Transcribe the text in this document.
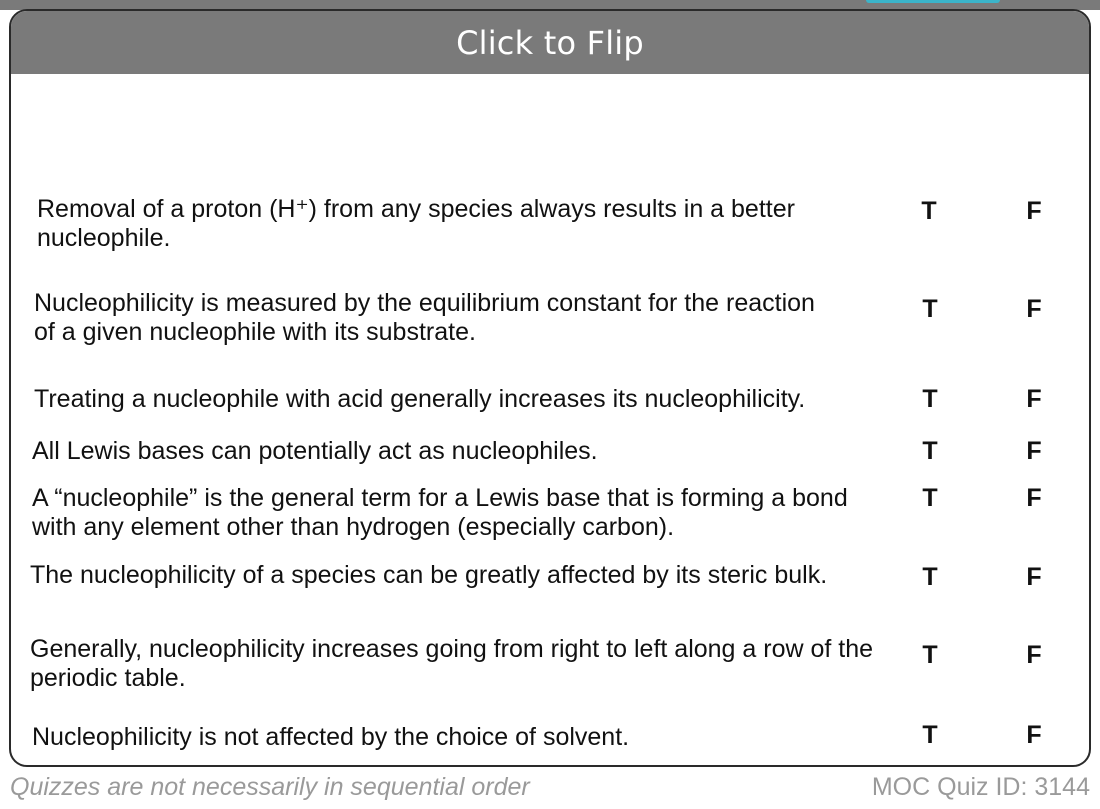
Click to Flip
Removal of a proton (H⁺) from any species always results in a better nucleophile.
T	F
Nucleophilicity is measured by the equilibrium constant for the reaction of a given nucleophile with its substrate.
T	F
Treating a nucleophile with acid generally increases its nucleophilicity.	T	F
All Lewis bases can potentially act as nucleophiles.	T	F
A “nucleophile” is the general term for a Lewis base that is forming a bond with any element other than hydrogen (especially carbon).
T	F
The nucleophilicity of a species can be greatly affected by its steric bulk.	T	F
Generally, nucleophilicity increases going from right to left along a row of the periodic table.
T	F
Nucleophilicity is not affected by the choice of solvent.	T	F
Quizzes are not necessarily in sequential order	MOC Quiz ID: 3144
